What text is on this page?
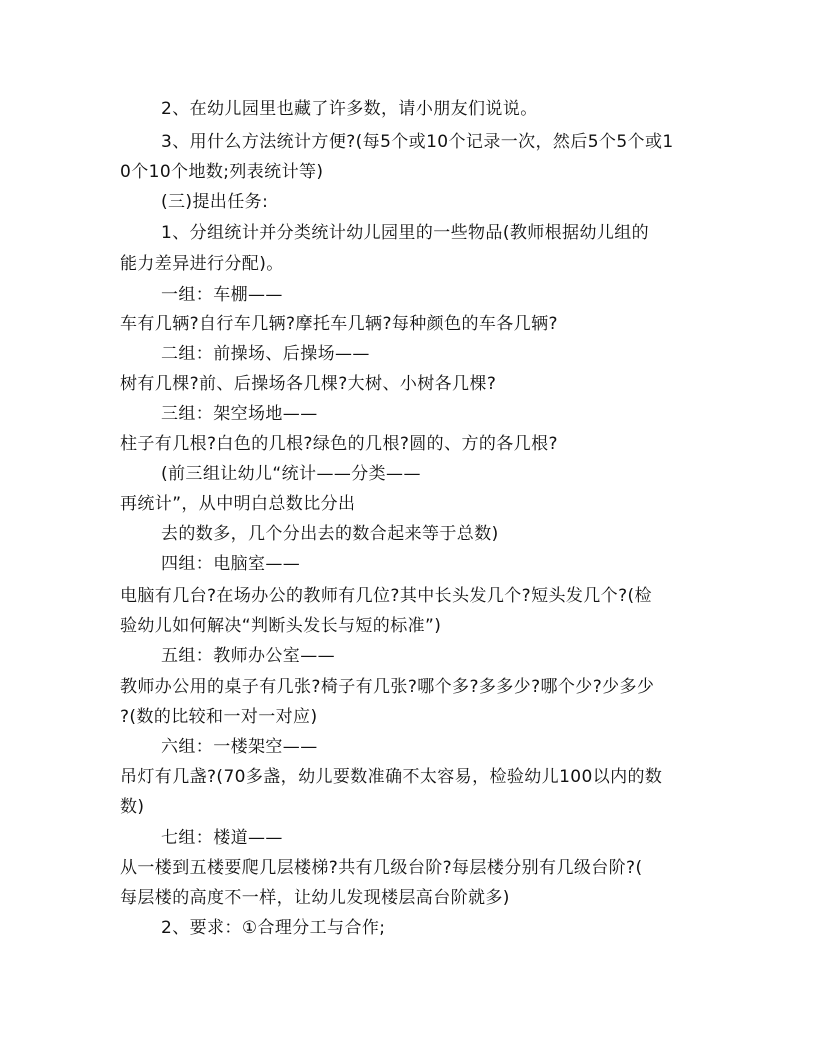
2、在幼儿园里也藏了许多数，请小朋友们说说。
3、用什么方法统计方便?(每5个或10个记录一次，然后5个5个或1
0个10个地数;列表统计等)
(三)提出任务:
1、分组统计并分类统计幼儿园里的一些物品(教师根据幼儿组的
能力差异进行分配)。
一组：车棚——
车有几辆?自行车几辆?摩托车几辆?每种颜色的车各几辆?
二组：前操场、后操场——
树有几棵?前、后操场各几棵?大树、小树各几棵?
三组：架空场地——
柱子有几根?白色的几根?绿色的几根?圆的、方的各几根?
(前三组让幼儿“统计——分类——
再统计”，从中明白总数比分出
去的数多，几个分出去的数合起来等于总数)
四组：电脑室——
电脑有几台?在场办公的教师有几位?其中长头发几个?短头发几个?(检
验幼儿如何解决“判断头发长与短的标准”)
五组：教师办公室——
教师办公用的桌子有几张?椅子有几张?哪个多?多多少?哪个少?少多少
?(数的比较和一对一对应)
六组：一楼架空——
吊灯有几盏?(70多盏，幼儿要数准确不太容易，检验幼儿100以内的数
数)
七组：楼道——
从一楼到五楼要爬几层楼梯?共有几级台阶?每层楼分别有几级台阶?(
每层楼的高度不一样，让幼儿发现楼层高台阶就多)
2、要求：①合理分工与合作;
